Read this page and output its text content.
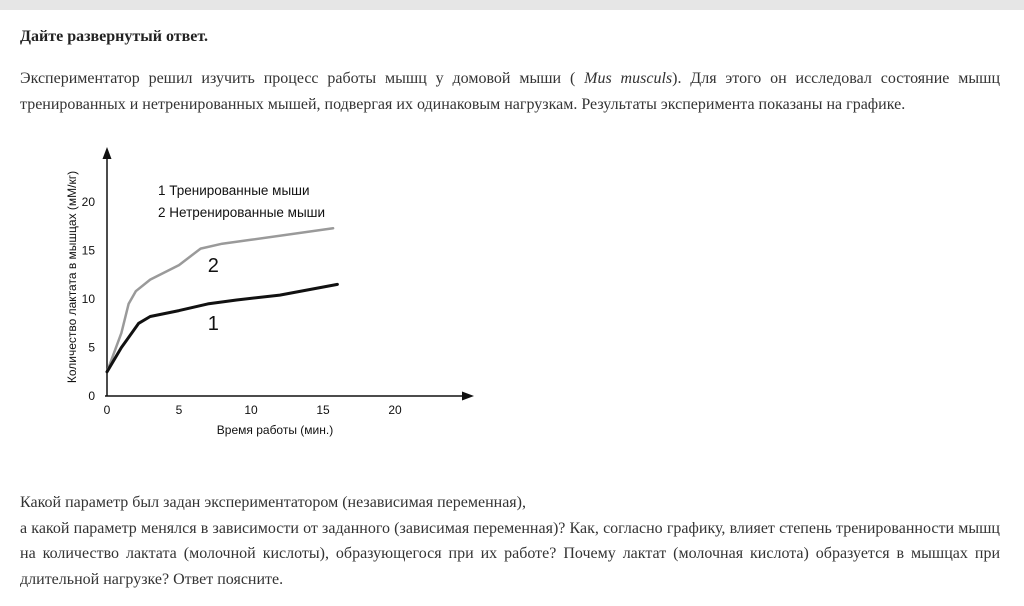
Дайте развернутый ответ.
Экспериментатор решил изучить процесс работы мышц у домовой мыши ( Mus musculs). Для этого он исследовал состояние мышц тренированных и нетренированных мышей, подвергая их одинаковым нагрузкам. Результаты эксперимента показаны на графике.
0	5	10	15	20
0
5
10
15
20
2
1
1 Тренированные мыши
2 Нетренированные мыши
Время работы (мин.)
Количество лактата в мышцах (мМ/кг)
Какой параметр был задан экспериментатором (независимая переменная),
а какой параметр менялся в зависимости от заданного (зависимая переменная)? Как, согласно графику, влияет степень тренированности мышц на количество лактата (молочной кислоты), образующегося при их работе? Почему лактат (молочная кислота) образуется в мышцах при длительной нагрузке? Ответ поясните.
